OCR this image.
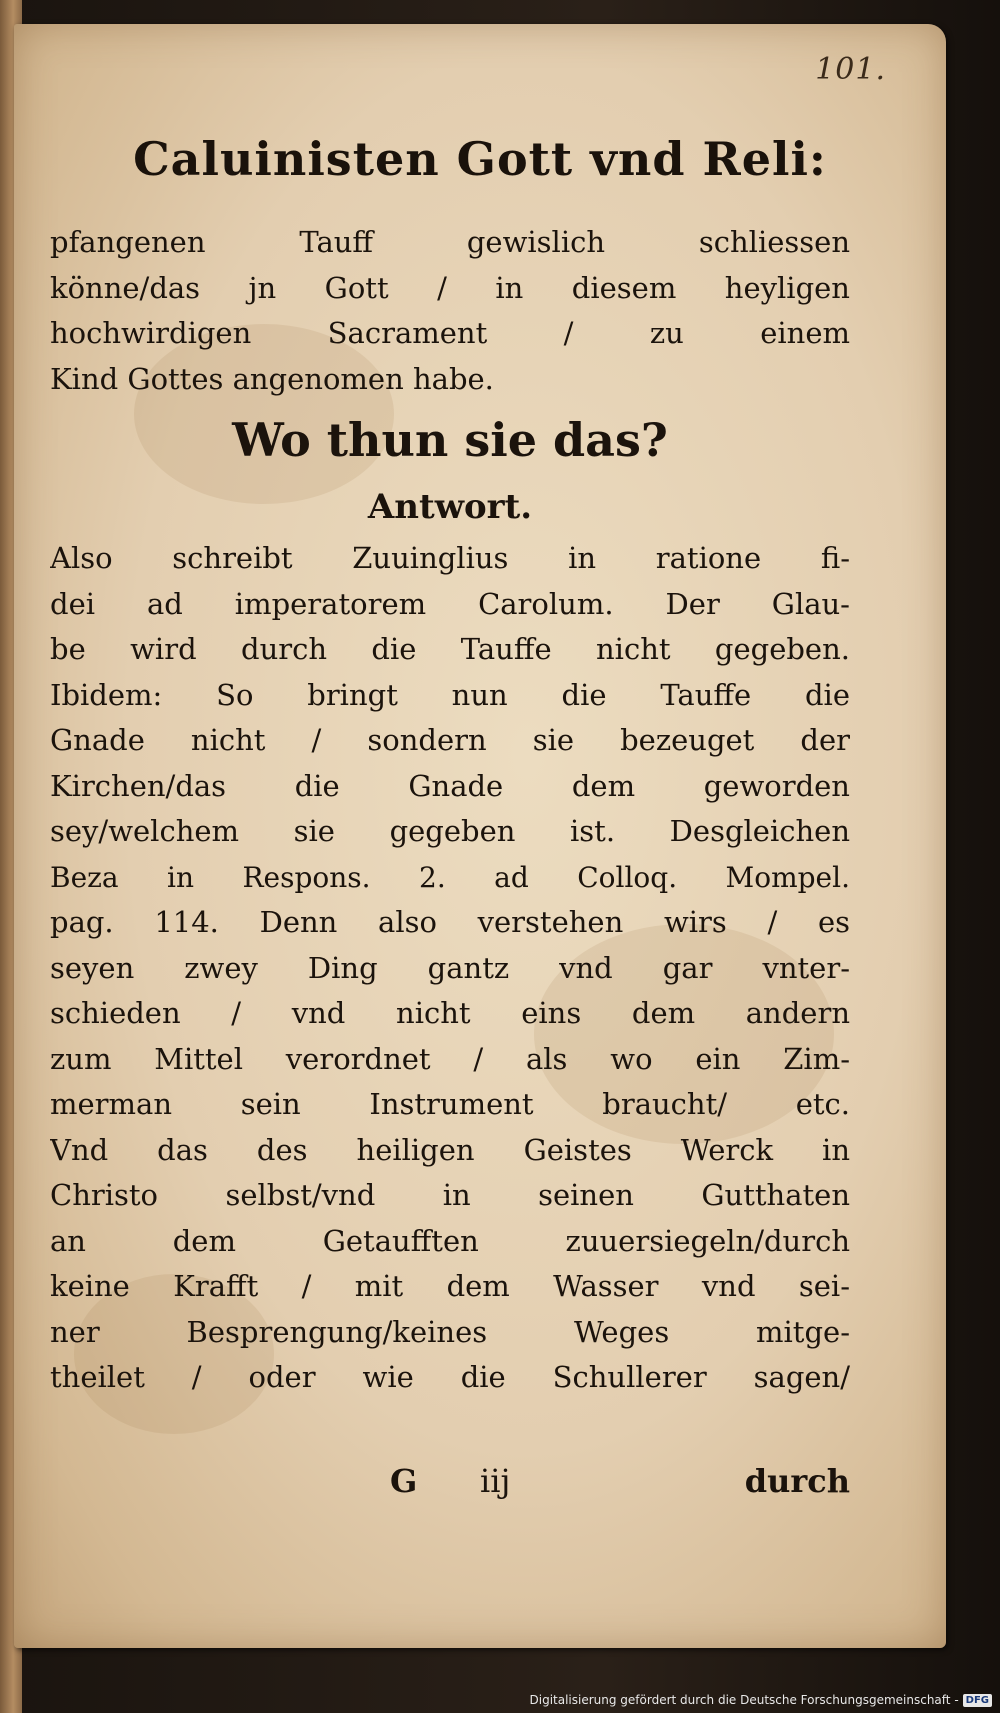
101.
Caluinisten Gott vnd Reli:
pfangenen Tauff gewislich schliessen
könne/das jn Gott / in diesem heyligen
hochwirdigen Sacrament / zu einem
Kind Gottes angenomen habe.
Wo thun sie das?
Antwort.
Also schreibt Zuuinglius in ratione fi-
dei ad imperatorem Carolum. Der Glau-
be wird durch die Tauffe nicht gegeben.
Ibidem: So bringt nun die Tauffe die
Gnade nicht / sondern sie bezeuget der
Kirchen/das die Gnade dem geworden
sey/welchem sie gegeben ist. Desgleichen
Beza in Respons. 2. ad Colloq. Mompel.
pag. 114. Denn also verstehen wirs / es
seyen zwey Ding gantz vnd gar vnter-
schieden / vnd nicht eins dem andern
zum Mittel verordnet / als wo ein Zim-
merman sein Instrument braucht/ etc.
Vnd das des heiligen Geistes Werck in
Christo selbst/vnd in seinen Gutthaten
an dem Getaufften zuuersiegeln/durch
keine Krafft / mit dem Wasser vnd sei-
ner Besprengung/keines Weges mitge-
theilet / oder wie die Schullerer sagen/
G iij	durch
Digitalisierung gefördert durch die Deutsche Forschungsgemeinschaft - DFG
